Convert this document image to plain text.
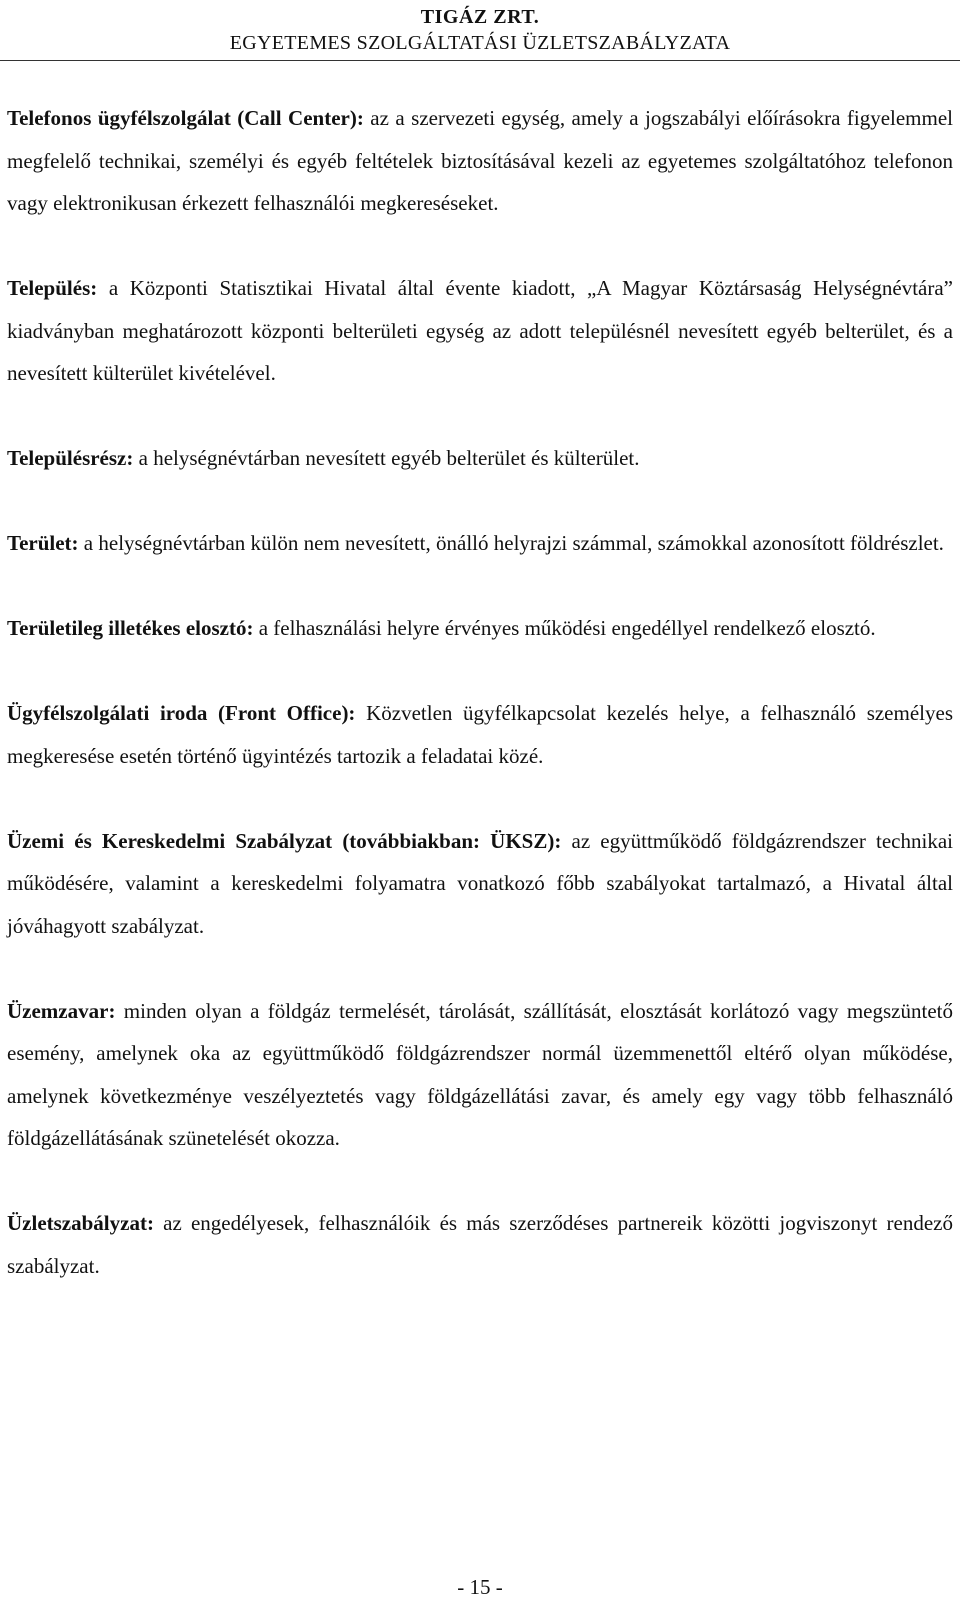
TIGÁZ ZRT.
EGYETEMES SZOLGÁLTATÁSI ÜZLETSZABÁLYZATA

Telefonos ügyfélszolgálat (Call Center): az a szervezeti egység, amely a jogszabályi előírásokra figyelemmel megfelelő technikai, személyi és egyéb feltételek biztosításával kezeli az egyetemes szolgáltatóhoz telefonon vagy elektronikusan érkezett felhasználói megkereséseket.

Település: a Központi Statisztikai Hivatal által évente kiadott, „A Magyar Köztársaság Helységnévtára” kiadványban meghatározott központi belterületi egység az adott településnél nevesített egyéb belterület, és a nevesített külterület kivételével.

Településrész: a helységnévtárban nevesített egyéb belterület és külterület.

Terület: a helységnévtárban külön nem nevesített, önálló helyrajzi számmal, számokkal azonosított földrészlet.

Területileg illetékes elosztó: a felhasználási helyre érvényes működési engedéllyel rendelkező elosztó.

Ügyfélszolgálati iroda (Front Office): Közvetlen ügyfélkapcsolat kezelés helye, a felhasználó személyes megkeresése esetén történő ügyintézés tartozik a feladatai közé.

Üzemi és Kereskedelmi Szabályzat (továbbiakban: ÜKSZ): az együttműködő földgázrendszer technikai működésére, valamint a kereskedelmi folyamatra vonatkozó főbb szabályokat tartalmazó, a Hivatal által jóváhagyott szabályzat.

Üzemzavar: minden olyan a földgáz termelését, tárolását, szállítását, elosztását korlátozó vagy megszüntető esemény, amelynek oka az együttműködő földgázrendszer normál üzemmenettől eltérő olyan működése, amelynek következménye veszélyeztetés vagy földgázellátási zavar, és amely egy vagy több felhasználó földgázellátásának szünetelését okozza.

Üzletszabályzat: az engedélyesek, felhasználóik és más szerződéses partnereik közötti jogviszonyt rendező szabályzat.

- 15 -
